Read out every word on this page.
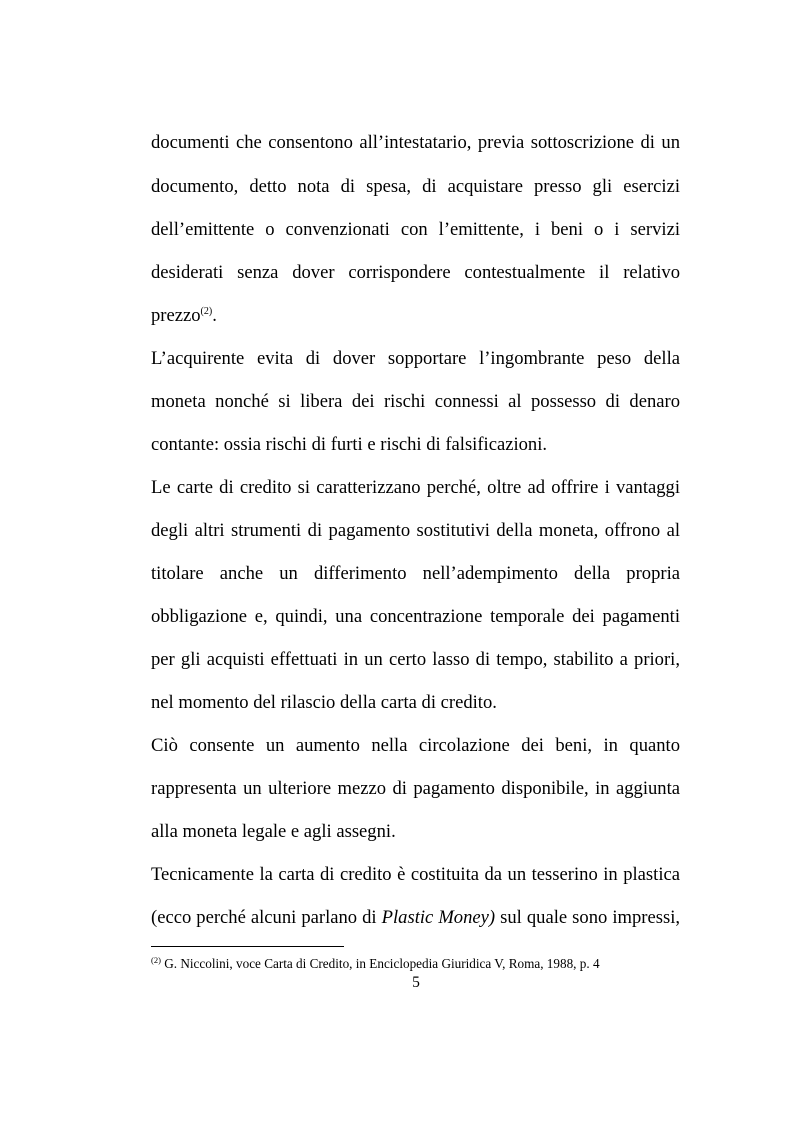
documenti che consentono all’intestatario, previa sottoscrizione di un
documento, detto nota di spesa, di acquistare presso gli esercizi
dell’emittente o convenzionati con l’emittente, i beni o i servizi
desiderati senza dover corrispondere contestualmente il relativo
prezzo$^{(2)}$.
L’acquirente evita di dover sopportare l’ingombrante peso della
moneta nonché si libera dei rischi connessi al possesso di denaro
contante: ossia rischi di furti e rischi di falsificazioni.
Le carte di credito si caratterizzano perché, oltre ad offrire i vantaggi
degli altri strumenti di pagamento sostitutivi della moneta, offrono al
titolare anche un differimento nell’adempimento della propria
obbligazione e, quindi, una concentrazione temporale dei pagamenti
per gli acquisti effettuati in un certo lasso di tempo, stabilito a priori,
nel momento del rilascio della carta di credito.
Ciò consente un aumento nella circolazione dei beni, in quanto
rappresenta un ulteriore mezzo di pagamento disponibile, in aggiunta
alla moneta legale e agli assegni.
Tecnicamente la carta di credito è costituita da un tesserino in plastica
(ecco perché alcuni parlano di Plastic Money) sul quale sono impressi,
$^{(2)}$ G. Niccolini, voce Carta di Credito, in Enciclopedia Giuridica V, Roma, 1988, p. 4
5
